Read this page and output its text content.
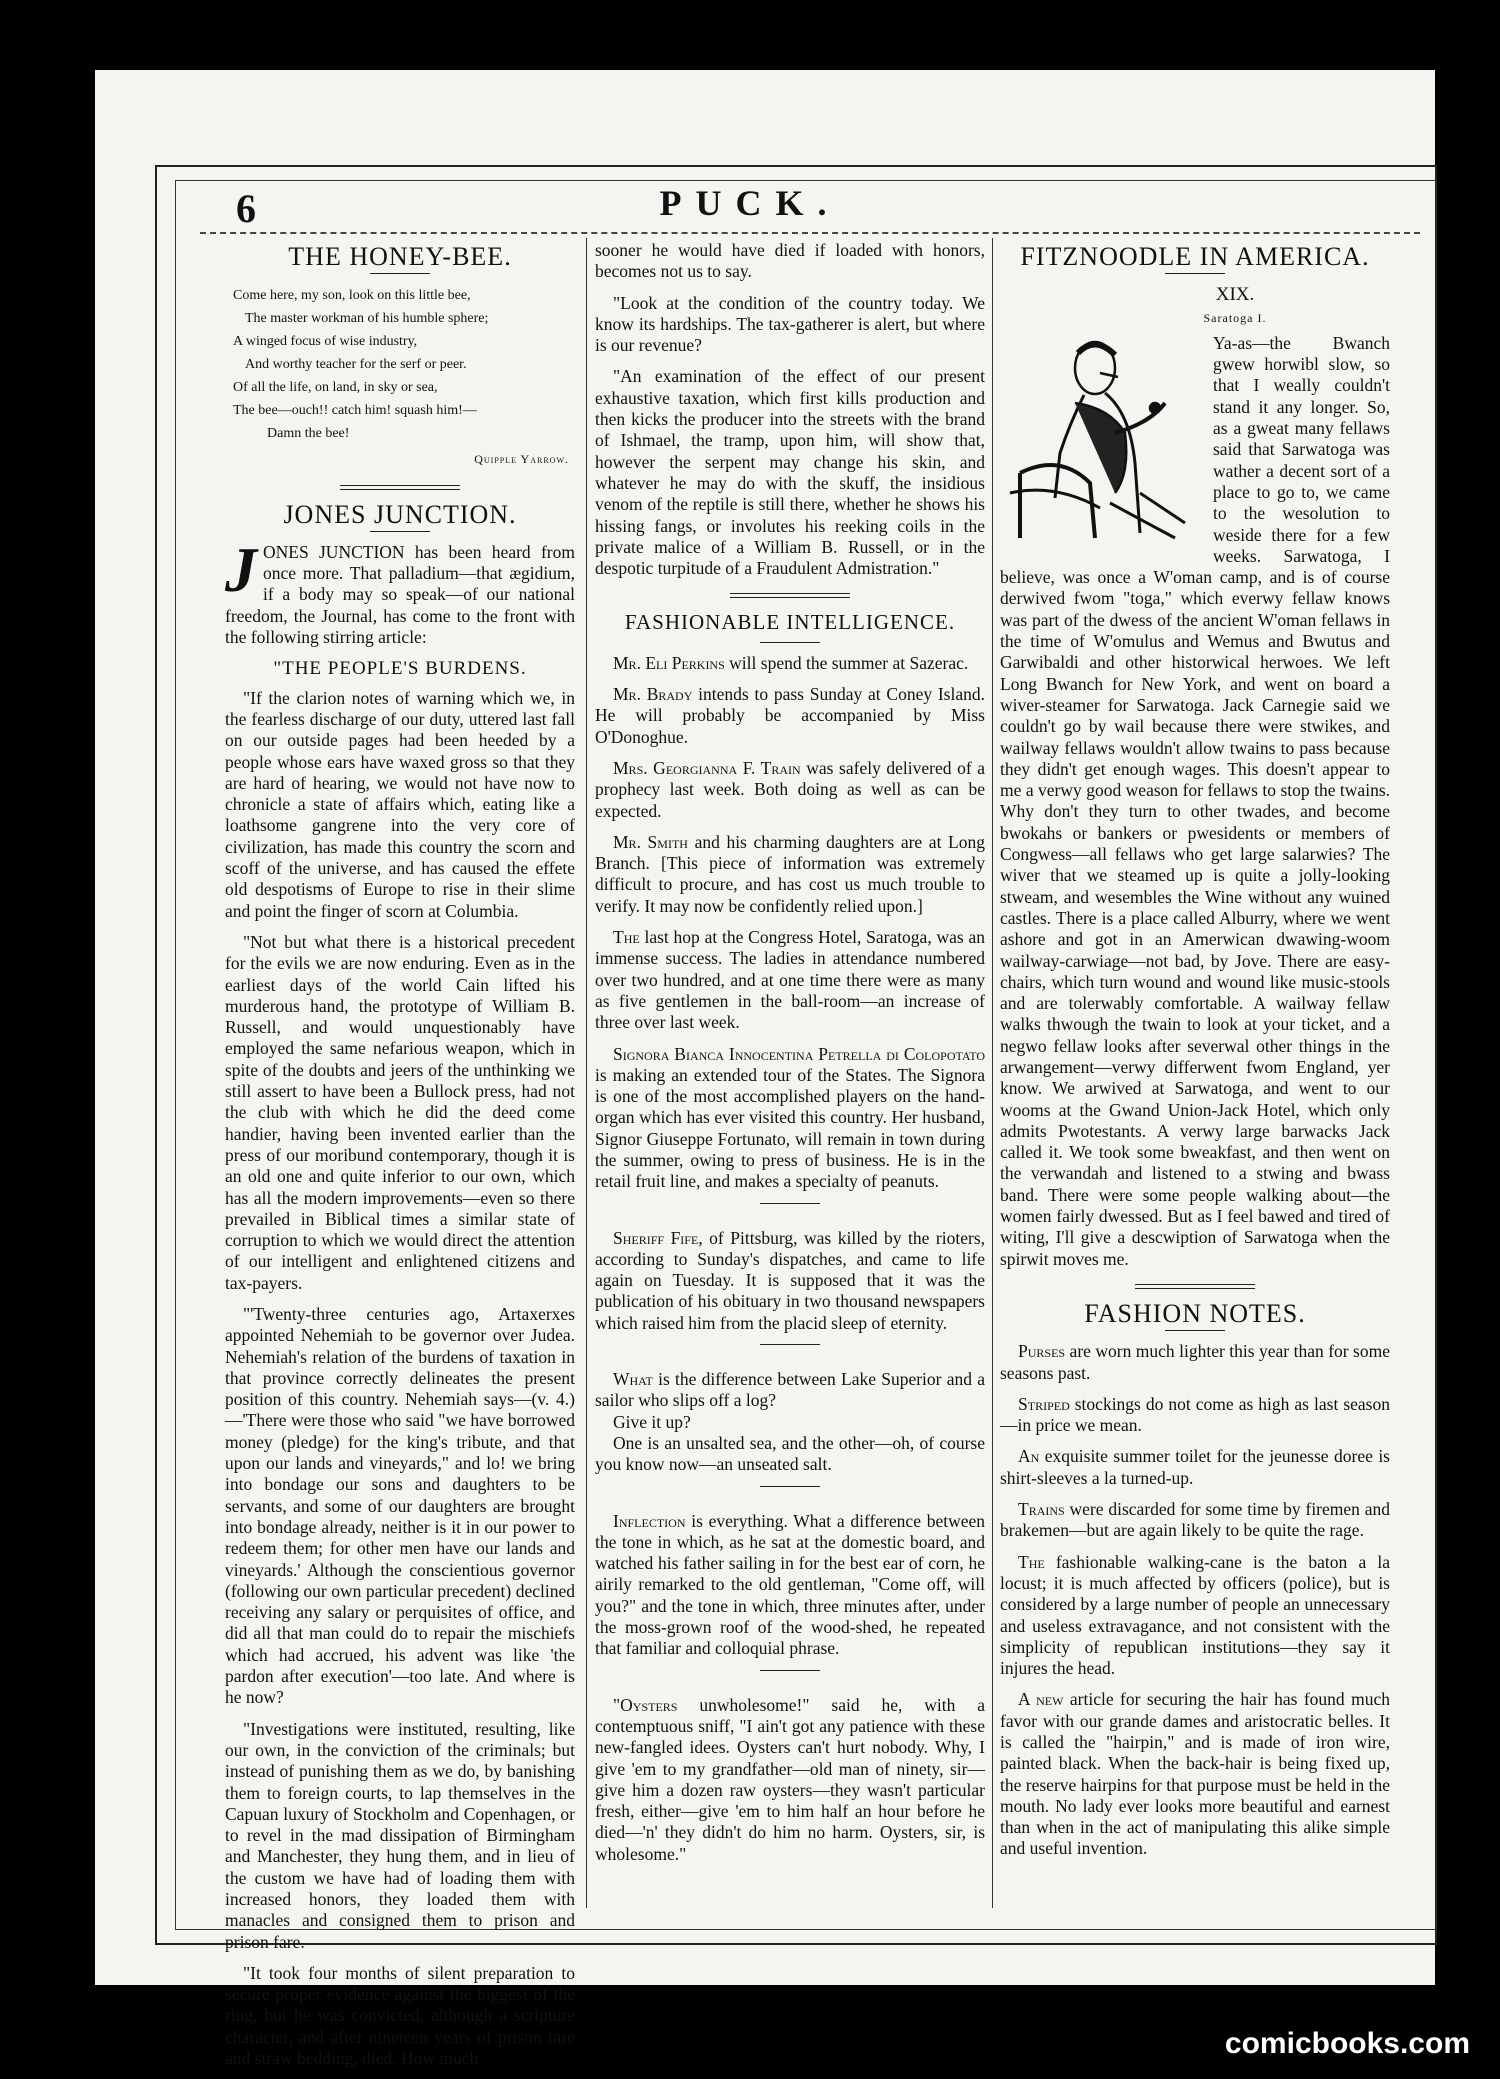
6	PUCK.
THE HONEY-BEE.
Come here, my son, look on this little bee,
The master workman of his humble sphere;
A winged focus of wise industry,
And worthy teacher for the serf or peer.
Of all the life, on land, in sky or sea,
The bee—ouch!! catch him! squash him!—
Damn the bee!
Quipple Yarrow.
JONES JUNCTION.

JONES JUNCTION has been heard from once more. That palladium—that ægidium, if a body may so speak—of our national freedom, the Journal, has come to the front with the following stirring article:

"THE PEOPLE'S BURDENS.

"If the clarion notes of warning which we, in the fearless discharge of our duty, uttered last fall on our outside pages had been heeded by a people whose ears have waxed gross so that they are hard of hearing, we would not have now to chronicle a state of affairs which, eating like a loathsome gangrene into the very core of civilization, has made this country the scorn and scoff of the universe, and has caused the effete old despotisms of Europe to rise in their slime and point the finger of scorn at Columbia.

"Not but what there is a historical precedent for the evils we are now enduring. Even as in the earliest days of the world Cain lifted his murderous hand, the prototype of William B. Russell, and would unquestionably have employed the same nefarious weapon, which in spite of the doubts and jeers of the unthinking we still assert to have been a Bullock press, had not the club with which he did the deed come handier, having been invented earlier than the press of our moribund contemporary, though it is an old one and quite inferior to our own, which has all the modern improvements—even so there prevailed in Biblical times a similar state of corruption to which we would direct the attention of our intelligent and enlightened citizens and tax-payers.

"'Twenty-three centuries ago, Artaxerxes appointed Nehemiah to be governor over Judea. Nehemiah's relation of the burdens of taxation in that province correctly delineates the present position of this country. Nehemiah says—(v. 4.)—'There were those who said "we have borrowed money (pledge) for the king's tribute, and that upon our lands and vineyards," and lo! we bring into bondage our sons and daughters to be servants, and some of our daughters are brought into bondage already, neither is it in our power to redeem them; for other men have our lands and vineyards.' Although the conscientious governor (following our own particular precedent) declined receiving any salary or perquisites of office, and did all that man could do to repair the mischiefs which had accrued, his advent was like 'the pardon after execution'—too late. And where is he now?

"Investigations were instituted, resulting, like our own, in the conviction of the criminals; but instead of punishing them as we do, by banishing them to foreign courts, to lap themselves in the Capuan luxury of Stockholm and Copenhagen, or to revel in the mad dissipation of Birmingham and Manchester, they hung them, and in lieu of the custom we have had of loading them with increased honors, they loaded them with manacles and consigned them to prison and prison fare.

"It took four months of silent preparation to secure proper evidence against the biggest of the ring, but he was convicted, although a scripture character, and after nineteen years of prison fare and straw bedding, died. How much

sooner he would have died if loaded with honors, becomes not us to say.

"Look at the condition of the country today. We know its hardships. The tax-gatherer is alert, but where is our revenue?

"An examination of the effect of our present exhaustive taxation, which first kills production and then kicks the producer into the streets with the brand of Ishmael, the tramp, upon him, will show that, however the serpent may change his skin, and whatever he may do with the skuff, the insidious venom of the reptile is still there, whether he shows his hissing fangs, or involutes his reeking coils in the private malice of a William B. Russell, or in the despotic turpitude of a Fraudulent Admistration."

FASHIONABLE INTELLIGENCE.

Mr. Eli Perkins will spend the summer at Sazerac.

Mr. Brady intends to pass Sunday at Coney Island. He will probably be accompanied by Miss O'Donoghue.

Mrs. Georgianna F. Train was safely delivered of a prophecy last week. Both doing as well as can be expected.

Mr. Smith and his charming daughters are at Long Branch. [This piece of information was extremely difficult to procure, and has cost us much trouble to verify. It may now be confidently relied upon.]

The last hop at the Congress Hotel, Saratoga, was an immense success. The ladies in attendance numbered over two hundred, and at one time there were as many as five gentlemen in the ball-room—an increase of three over last week.

Signora Bianca Innocentina Petrella di Colopotato is making an extended tour of the States. The Signora is one of the most accomplished players on the hand-organ which has ever visited this country. Her husband, Signor Giuseppe Fortunato, will remain in town during the summer, owing to press of business. He is in the retail fruit line, and makes a specialty of peanuts.

Sheriff Fife, of Pittsburg, was killed by the rioters, according to Sunday's dispatches, and came to life again on Tuesday. It is supposed that it was the publication of his obituary in two thousand newspapers which raised him from the placid sleep of eternity.

What is the difference between Lake Superior and a sailor who slips off a log?

Give it up?

One is an unsalted sea, and the other—oh, of course you know now—an unseated salt.

Inflection is everything. What a difference between the tone in which, as he sat at the domestic board, and watched his father sailing in for the best ear of corn, he airily remarked to the old gentleman, "Come off, will you?" and the tone in which, three minutes after, under the moss-grown roof of the wood-shed, he repeated that familiar and colloquial phrase.

"Oysters unwholesome!" said he, with a contemptuous sniff, "I ain't got any patience with these new-fangled idees. Oysters can't hurt nobody. Why, I give 'em to my grandfather—old man of ninety, sir—give him a dozen raw oysters—they wasn't particular fresh, either—give 'em to him half an hour before he died—'n' they didn't do him no harm. Oysters, sir, is wholesome."

FITZNOODLE IN AMERICA.
XIX.
Saratoga I.

Ya-as—the Bwanch gwew horwibl slow, so that I weally couldn't stand it any longer. So, as a gweat many fellaws said that Sarwatoga was wather a decent sort of a place to go to, we came to the wesolution to weside there for a few weeks. Sarwatoga, I believe, was once a W'oman camp, and is of course derwived fwom "toga," which everwy fellaw knows was part of the dwess of the ancient W'oman fellaws in the time of W'omulus and Wemus and Bwutus and Garwibaldi and other historwical herwoes. We left Long Bwanch for New York, and went on board a wiver-steamer for Sarwatoga. Jack Carnegie said we couldn't go by wail because there were stwikes, and wailway fellaws wouldn't allow twains to pass because they didn't get enough wages. This doesn't appear to me a verwy good weason for fellaws to stop the twains. Why don't they turn to other twades, and become bwokahs or bankers or pwesidents or members of Congwess—all fellaws who get large salarwies? The wiver that we steamed up is quite a jolly-looking stweam, and wesembles the Wine without any wuined castles. There is a place called Alburry, where we went ashore and got in an Amerwican dwawing-woom wailway-carwiage—not bad, by Jove. There are easy-chairs, which turn wound and wound like music-stools and are tolerwably comfortable. A wailway fellaw walks thwough the twain to look at your ticket, and a negwo fellaw looks after severwal other things in the arwangement—verwy differwent fwom England, yer know. We arwived at Sarwatoga, and went to our wooms at the Gwand Union-Jack Hotel, which only admits Pwotestants. A verwy large barwacks Jack called it. We took some bweakfast, and then went on the verwandah and listened to a stwing and bwass band. There were some people walking about—the women fairly dwessed. But as I feel bawed and tired of witing, I'll give a descwiption of Sarwatoga when the spirwit moves me.

FASHION NOTES.

Purses are worn much lighter this year than for some seasons past.

Striped stockings do not come as high as last season—in price we mean.

An exquisite summer toilet for the jeunesse doree is shirt-sleeves a la turned-up.

Trains were discarded for some time by firemen and brakemen—but are again likely to be quite the rage.

The fashionable walking-cane is the baton a la locust; it is much affected by officers (police), but is considered by a large number of people an unnecessary and useless extravagance, and not consistent with the simplicity of republican institutions—they say it injures the head.

A new article for securing the hair has found much favor with our grande dames and aristocratic belles. It is called the "hairpin," and is made of iron wire, painted black. When the back-hair is being fixed up, the reserve hairpins for that purpose must be held in the mouth. No lady ever looks more beautiful and earnest than when in the act of manipulating this alike simple and useful invention.

comicbooks.com
